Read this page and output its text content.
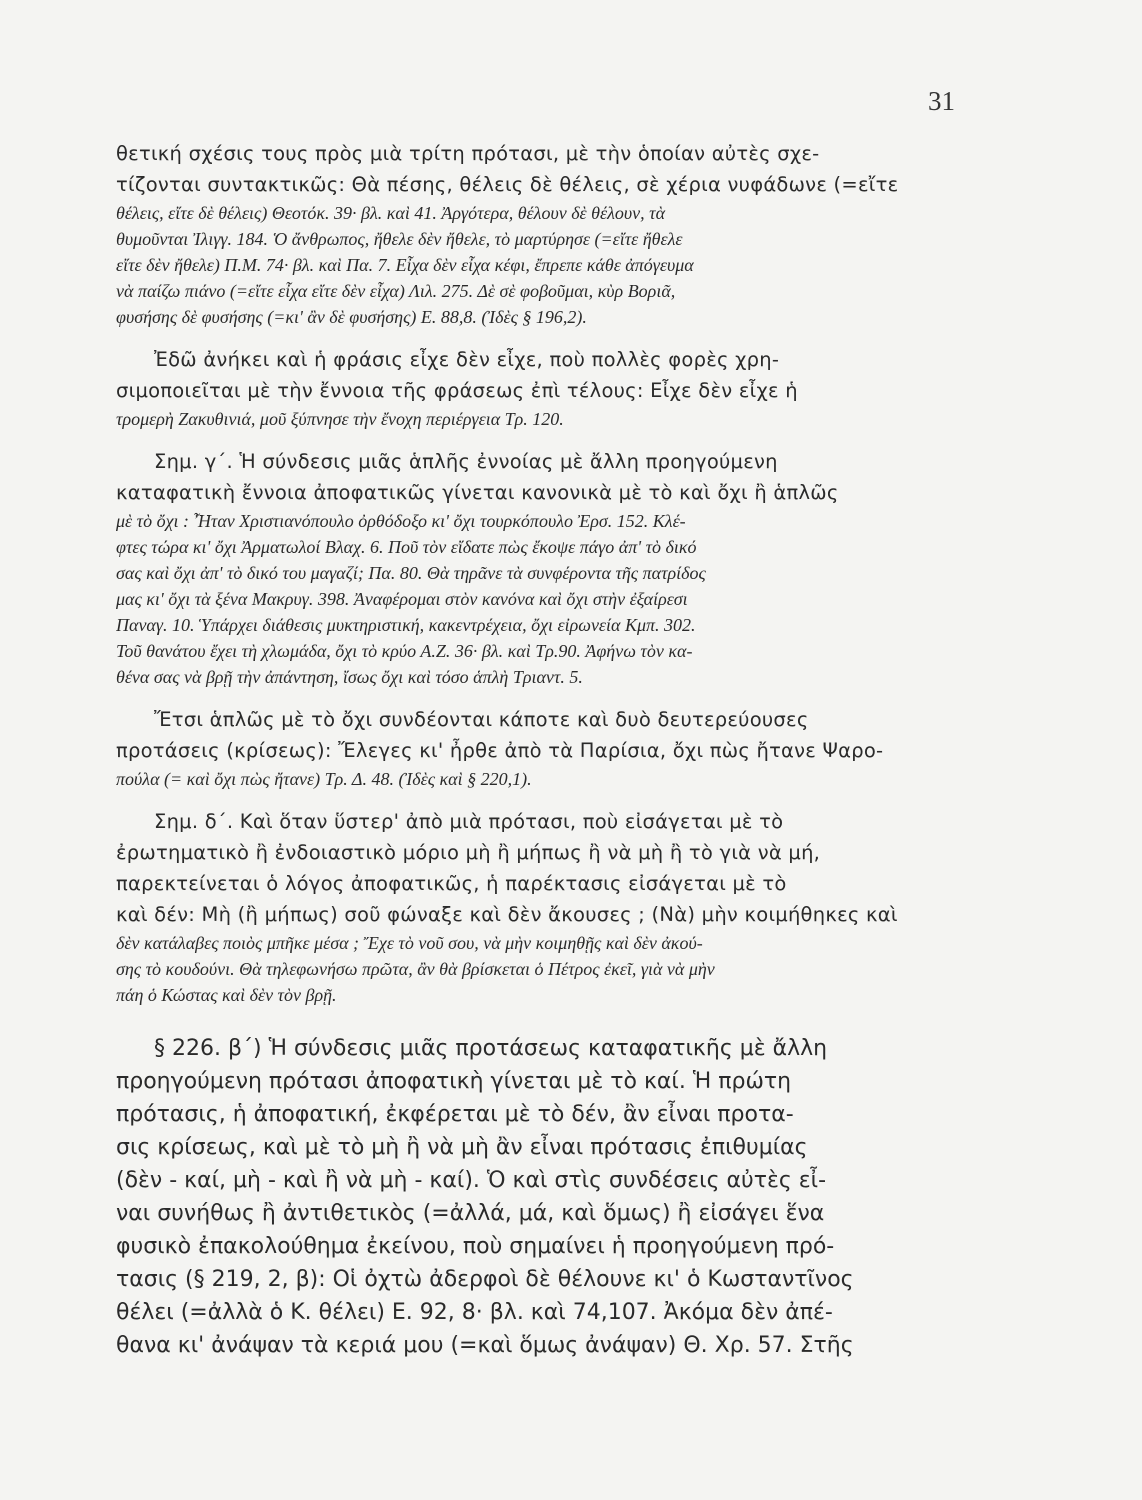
31
θετική σχέσις τους πρὸς μιὰ τρίτη πρότασι, μὲ τὴν ὁποίαν αὐτὲς σχε-
τίζονται συντακτικῶς: Θὰ πέσης, θέλεις δὲ θέλεις, σὲ χέρια νυφάδωνε (=εἴτε
θέλεις, εἴτε δὲ θέλεις) Θεοτόκ. 39· βλ. καὶ 41. Ἀργότερα, θέλουν δὲ θέλουν, τὰ
θυμοῦνται Ἰλιγγ. 184. Ὁ ἄνθρωπος, ἤθελε δὲν ἤθελε, τὸ μαρτύρησε (=εἴτε ἤθελε
εἴτε δὲν ἤθελε) Π.Μ. 74· βλ. καὶ Πα. 7. Εἶχα δὲν εἶχα κέφι, ἔπρεπε κάθε ἀπόγευμα
νὰ παίζω πιάνο (=εἴτε εἶχα εἴτε δὲν εἶχα) Λιλ. 275. Δὲ σὲ φοβοῦμαι, κὺρ Βοριᾶ,
φυσήσης δὲ φυσήσης (=κι' ἂν δὲ φυσήσης) Ε. 88,8. (Ἰδὲς § 196,2).
Ἐδῶ ἀνήκει καὶ ἡ φράσις εἶχε δὲν εἶχε, ποὺ πολλὲς φορὲς χρη-
σιμοποιεῖται μὲ τὴν ἔννοια τῆς φράσεως ἐπὶ τέλους: Εἶχε δὲν εἶχε ἡ
τρομερὴ Ζακυθινιά, μοῦ ξύπνησε τὴν ἔνοχη περιέργεια Τρ. 120.
Σημ. γ΄. Ἡ σύνδεσις μιᾶς ἁπλῆς ἐννοίας μὲ ἄλλη προηγούμενη
καταφατικὴ ἔννοια ἀποφατικῶς γίνεται κανονικὰ μὲ τὸ καὶ ὄχι ἢ ἁπλῶς
μὲ τὸ ὄχι : Ἦταν Χριστιανόπουλο ὀρθόδοξο κι' ὄχι τουρκόπουλο Ἐρσ. 152. Κλέ-
φτες τώρα κι' ὄχι Ἀρματωλοί Βλαχ. 6. Ποῦ τὸν εἴδατε πὼς ἔκοψε πάγο ἀπ' τὸ δικό
σας καὶ ὄχι ἀπ' τὸ δικό του μαγαζί; Πα. 80. Θὰ τηρᾶνε τὰ συνφέροντα τῆς πατρίδος
μας κι' ὄχι τὰ ξένα Μακρυγ. 398. Ἀναφέρομαι στὸν κανόνα καὶ ὄχι στὴν ἐξαίρεσι
Παναγ. 10. Ὑπάρχει διάθεσις μυκτηριστική, κακεντρέχεια, ὄχι εἰρωνεία Κμπ. 302.
Τοῦ θανάτου ἔχει τὴ χλωμάδα, ὄχι τὸ κρύο Α.Ζ. 36· βλ. καὶ Τρ.90. Ἀφήνω τὸν κα-
θένα σας νὰ βρῇ τὴν ἀπάντηση, ἴσως ὄχι καὶ τόσο ἁπλὴ Τριαντ. 5.
Ἔτσι ἁπλῶς μὲ τὸ ὄχι συνδέονται κάποτε καὶ δυὸ δευτερεύουσες
προτάσεις (κρίσεως): Ἔλεγες κι' ἦρθε ἀπὸ τὰ Παρίσια, ὄχι πὼς ἤτανε Ψαρο-
πούλα (= καὶ ὄχι πὼς ἤτανε) Τρ. Δ. 48. (Ἰδὲς καὶ § 220,1).
Σημ. δ΄. Καὶ ὅταν ὕστερ' ἀπὸ μιὰ πρότασι, ποὺ εἰσάγεται μὲ τὸ
ἐρωτηματικὸ ἢ ἐνδοιαστικὸ μόριο μὴ ἢ μήπως ἢ νὰ μὴ ἢ τὸ γιὰ νὰ μή,
παρεκτείνεται ὁ λόγος ἀποφατικῶς, ἡ παρέκτασις εἰσάγεται μὲ τὸ
καὶ δέν: Μὴ (ἢ μήπως) σοῦ φώναξε καὶ δὲν ἄκουσες ; (Νὰ) μὴν κοιμήθηκες καὶ
δὲν κατάλαβες ποιὸς μπῆκε μέσα ; Ἔχε τὸ νοῦ σου, νὰ μὴν κοιμηθῇς καὶ δὲν ἀκού-
σης τὸ κουδούνι. Θὰ τηλεφωνήσω πρῶτα, ἂν θὰ βρίσκεται ὁ Πέτρος ἐκεῖ, γιὰ νὰ μὴν
πάη ὁ Κώστας καὶ δὲν τὸν βρῇ.
§ 226. β΄) Ἡ σύνδεσις μιᾶς προτάσεως καταφατικῆς μὲ ἄλλη
προηγούμενη πρότασι ἀποφατικὴ γίνεται μὲ τὸ καί. Ἡ πρώτη
πρότασις, ἡ ἀποφατική, ἐκφέρεται μὲ τὸ δέν, ἂν εἶναι προτα-
σις κρίσεως, καὶ μὲ τὸ μὴ ἢ νὰ μὴ ἂν εἶναι πρότασις ἐπιθυμίας
(δὲν - καί, μὴ - καὶ ἢ νὰ μὴ - καί). Ὁ καὶ στὶς συνδέσεις αὐτὲς εἶ-
ναι συνήθως ἢ ἀντιθετικὸς (=ἀλλά, μά, καὶ ὅμως) ἢ εἰσάγει ἕνα
φυσικὸ ἐπακολούθημα ἐκείνου, ποὺ σημαίνει ἡ προηγούμενη πρό-
τασις (§ 219, 2, β): Οἱ ὀχτὼ ἀδερφοὶ δὲ θέλουνε κι' ὁ Κωσταντῖνος
θέλει (=ἀλλὰ ὁ Κ. θέλει) Ε. 92, 8· βλ. καὶ 74,107. Ἀκόμα δὲν ἀπέ-
θανα κι' ἀνάψαν τὰ κεριά μου (=καὶ ὅμως ἀνάψαν) Θ. Χρ. 57. Στῆς
